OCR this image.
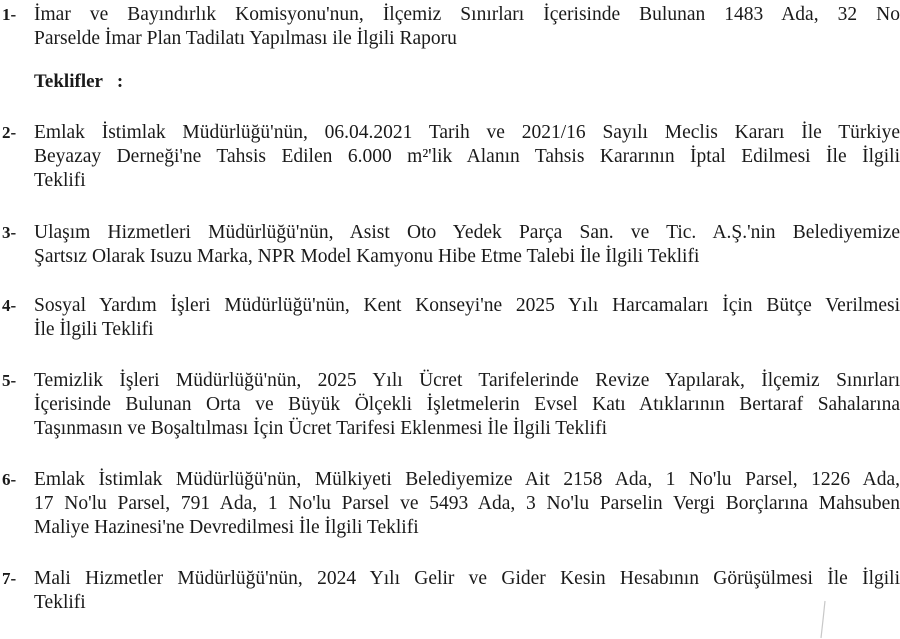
1- İmar ve Bayındırlık Komisyonu'nun, İlçemiz Sınırları İçerisinde Bulunan 1483 Ada, 32 No
Parselde İmar Plan Tadilatı Yapılması ile İlgili Raporu
Teklifler   :
2- Emlak İstimlak Müdürlüğü'nün, 06.04.2021 Tarih ve 2021/16 Sayılı Meclis Kararı İle Türkiye
Beyazay Derneği'ne Tahsis Edilen 6.000 m²'lik Alanın Tahsis Kararının İptal Edilmesi İle İlgili
Teklifi
3- Ulaşım Hizmetleri Müdürlüğü'nün, Asist Oto Yedek Parça San. ve Tic. A.Ş.'nin Belediyemize
Şartsız Olarak Isuzu Marka, NPR Model Kamyonu Hibe Etme Talebi İle İlgili Teklifi
4- Sosyal Yardım İşleri Müdürlüğü'nün, Kent Konseyi'ne 2025 Yılı Harcamaları İçin Bütçe Verilmesi
İle İlgili Teklifi
5- Temizlik İşleri Müdürlüğü'nün, 2025 Yılı Ücret Tarifelerinde Revize Yapılarak, İlçemiz Sınırları
İçerisinde Bulunan Orta ve Büyük Ölçekli İşletmelerin Evsel Katı Atıklarının Bertaraf Sahalarına
Taşınmasın ve Boşaltılması İçin Ücret Tarifesi Eklenmesi İle İlgili Teklifi
6- Emlak İstimlak Müdürlüğü'nün, Mülkiyeti Belediyemize Ait 2158 Ada, 1 No'lu Parsel, 1226 Ada,
17 No'lu Parsel, 791 Ada, 1 No'lu Parsel ve 5493 Ada, 3 No'lu Parselin Vergi Borçlarına Mahsuben
Maliye Hazinesi'ne Devredilmesi İle İlgili Teklifi
7- Mali Hizmetler Müdürlüğü'nün, 2024 Yılı Gelir ve Gider Kesin Hesabının Görüşülmesi İle İlgili
Teklifi
